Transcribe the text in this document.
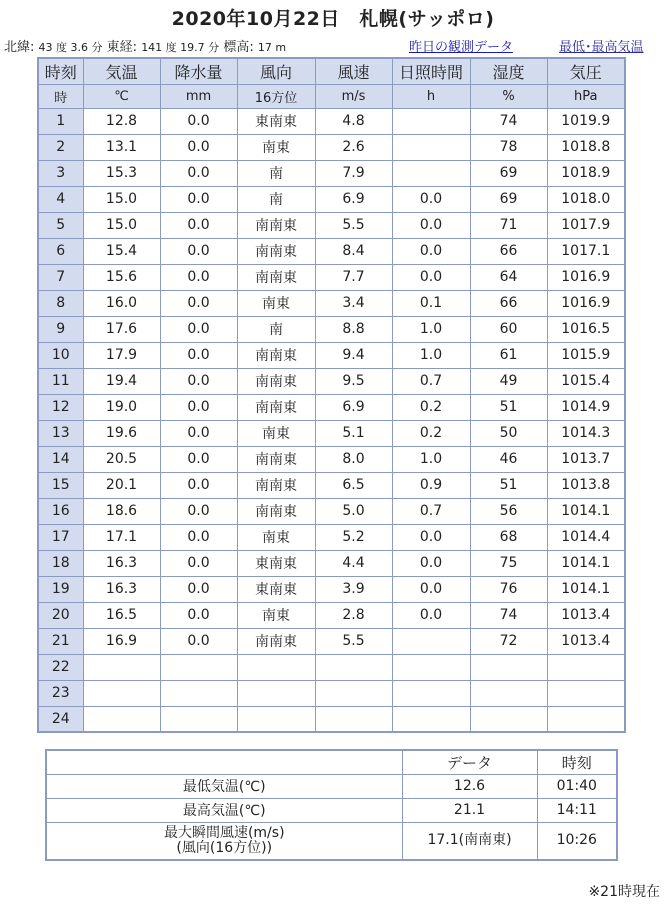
2020年10月22日　札幌(サッポロ)
北緯: 43 度 3.6 分 東経: 141 度 19.7 分 標高: 17 m	昨日の観測データ	最低･最高気温
時刻	気温	降水量	風向	風速	日照時間	湿度	気圧
時	℃	mm	16方位	m/s	h	%	hPa
1	12.8	0.0	東南東	4.8		74	1019.9
2	13.1	0.0	南東	2.6		78	1018.8
3	15.3	0.0	南	7.9		69	1018.9
4	15.0	0.0	南	6.9	0.0	69	1018.0
5	15.0	0.0	南南東	5.5	0.0	71	1017.9
6	15.4	0.0	南南東	8.4	0.0	66	1017.1
7	15.6	0.0	南南東	7.7	0.0	64	1016.9
8	16.0	0.0	南東	3.4	0.1	66	1016.9
9	17.6	0.0	南	8.8	1.0	60	1016.5
10	17.9	0.0	南南東	9.4	1.0	61	1015.9
11	19.4	0.0	南南東	9.5	0.7	49	1015.4
12	19.0	0.0	南南東	6.9	0.2	51	1014.9
13	19.6	0.0	南東	5.1	0.2	50	1014.3
14	20.5	0.0	南南東	8.0	1.0	46	1013.7
15	20.1	0.0	南南東	6.5	0.9	51	1013.8
16	18.6	0.0	南南東	5.0	0.7	56	1014.1
17	17.1	0.0	南東	5.2	0.0	68	1014.4
18	16.3	0.0	東南東	4.4	0.0	75	1014.1
19	16.3	0.0	東南東	3.9	0.0	76	1014.1
20	16.5	0.0	南東	2.8	0.0	74	1013.4
21	16.9	0.0	南南東	5.5		72	1013.4
22							
23							
24							
	データ	時刻
最低気温(℃)	12.6	01:40
最高気温(℃)	21.1	14:11

最大瞬間風速(m/s)
(風向(16方位))	17.1(南南東)	10:26
※21時現在
